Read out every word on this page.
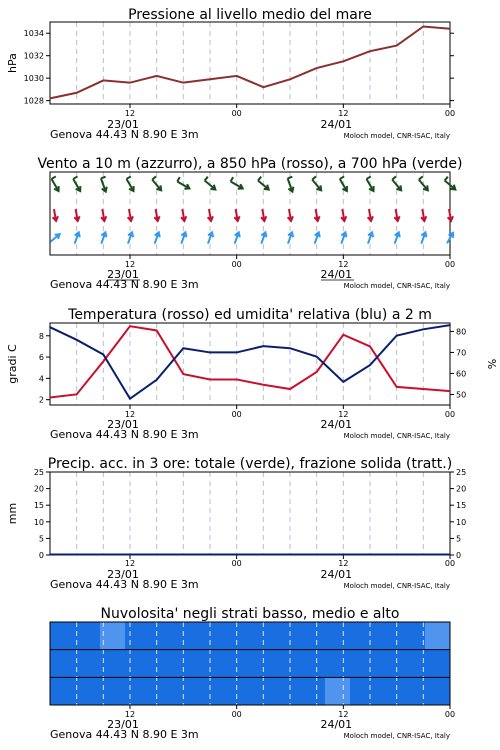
Pressione al livello medio del mare
12
23/01
00	12
24/01
00
Genova 44.43 N 8.90 E 3m	Moloch model, CNR-ISAC, Italy
1028
1030
1032
1034
hPa
Vento a 10 m (azzurro), a 850 hPa (rosso), a 700 hPa (verde)
12
23/01
00	12
24/01
00
Genova 44.43 N 8.90 E 3m	Moloch model, CNR-ISAC, Italy
Temperatura (rosso) ed umidita' relativa (blu) a 2 m
12
23/01
00	12
24/01
00
Genova 44.43 N 8.90 E 3m	Moloch model, CNR-ISAC, Italy
2
4
6
8
50
60
70
80
gradi C	%
Precip. acc. in 3 ore: totale (verde), frazione solida (tratt.)
12
23/01
00	12
24/01
00
Genova 44.43 N 8.90 E 3m	Moloch model, CNR-ISAC, Italy
0	0
5	5
10	10
15	15
20	20
25	25
mm
Nuvolosita' negli strati basso, medio e alto
12
23/01
00	12
24/01
00
Genova 44.43 N 8.90 E 3m	Moloch model, CNR-ISAC, Italy
